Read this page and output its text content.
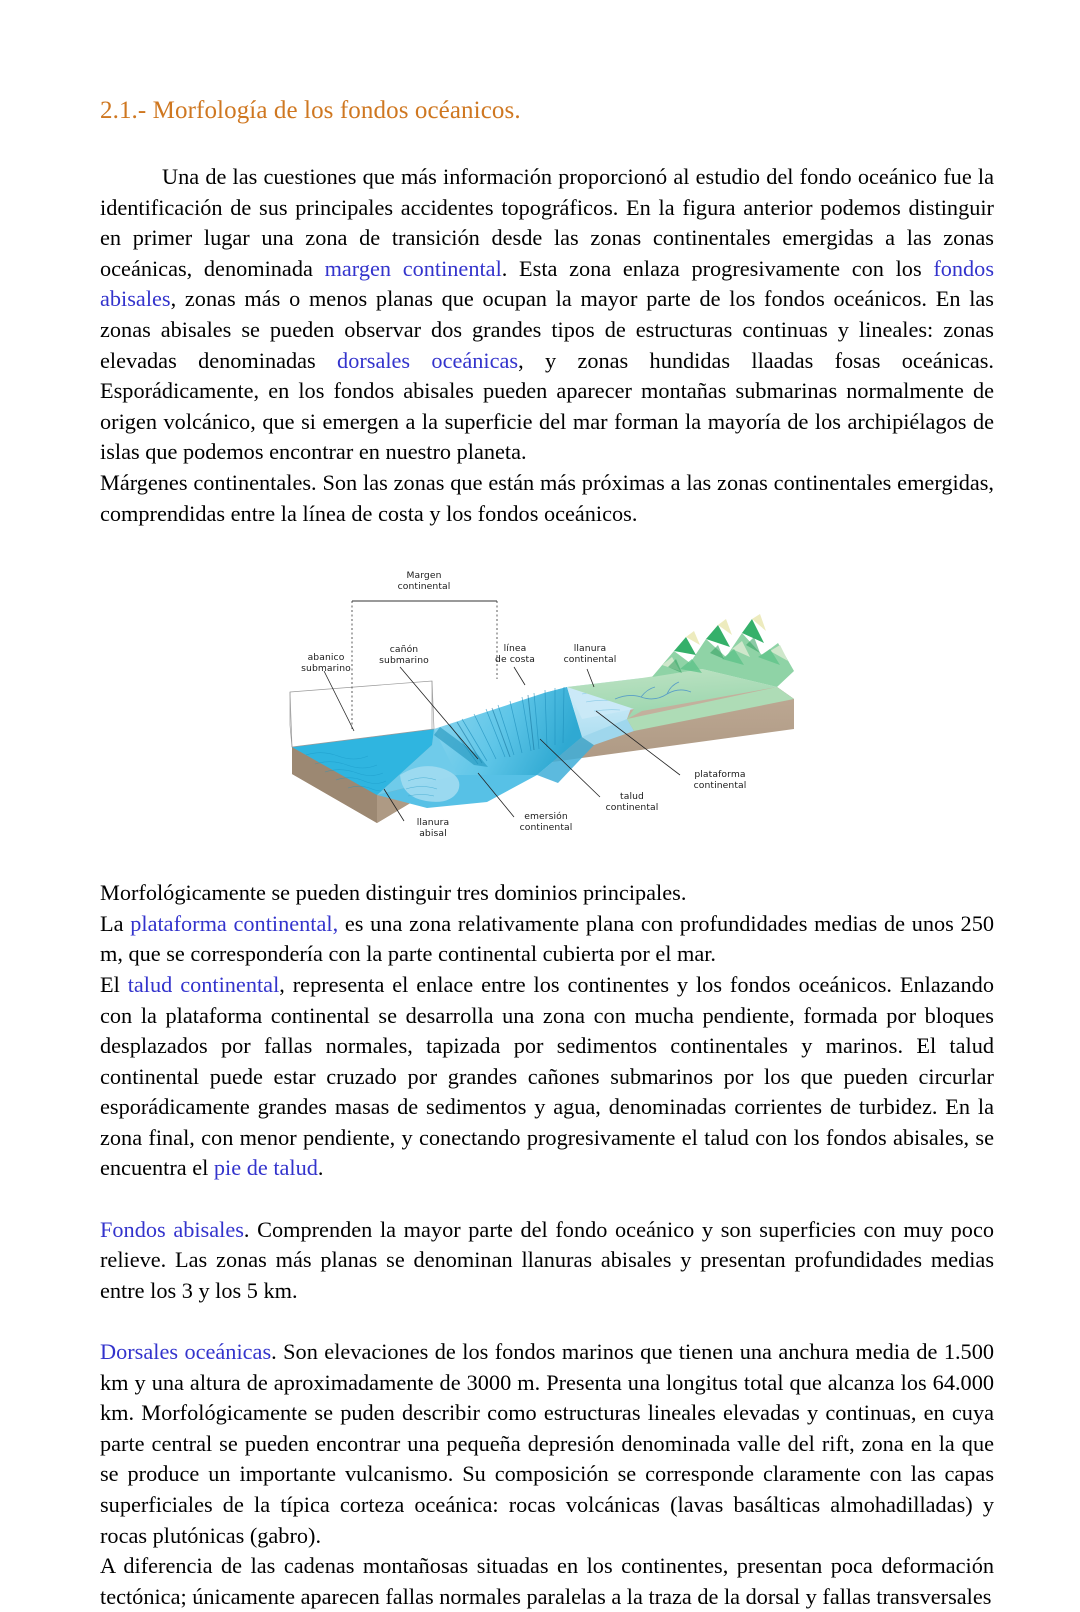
2.1.- Morfología de los fondos océanicos.

Una de las cuestiones que más información proporcionó al estudio del fondo oceánico fue la identificación de sus principales accidentes topográficos. En la figura anterior podemos distinguir en primer lugar una zona de transición desde las zonas continentales emergidas a las zonas oceánicas, denominada margen continental. Esta zona enlaza progresivamente con los fondos abisales, zonas más o menos planas que ocupan la mayor parte de los fondos oceánicos. En las zonas abisales se pueden observar dos grandes tipos de estructuras continuas y lineales: zonas elevadas denominadas dorsales oceánicas, y zonas hundidas llaadas fosas oceánicas. Esporádicamente, en los fondos abisales pueden aparecer montañas submarinas normalmente de origen volcánico, que si emergen a la superficie del mar forman la mayoría de los archipiélagos de islas que podemos encontrar en nuestro planeta.

Márgenes continentales. Son las zonas que están más próximas a las zonas continentales emergidas, comprendidas entre la línea de costa y los fondos oceánicos.

Margen
continental
abanico
submarino
cañón
submarino
línea
de costa
llanura
continental
llanura
abisal
emersión
continental
talud
continental
plataforma
continental

Morfológicamente se pueden distinguir tres dominios principales.

La plataforma continental, es una zona relativamente plana con profundidades medias de unos 250 m, que se correspondería con la parte continental cubierta por el mar.

El talud continental, representa el enlace entre los continentes y los fondos oceánicos. Enlazando con la plataforma continental se desarrolla una zona con mucha pendiente, formada por bloques desplazados por fallas normales, tapizada por sedimentos continentales y marinos. El talud continental puede estar cruzado por grandes cañones submarinos por los que pueden circurlar esporádicamente grandes masas de sedimentos y agua, denominadas corrientes de turbidez. En la zona final, con menor pendiente, y conectando progresivamente el talud con los fondos abisales, se encuentra el pie de talud.

Fondos abisales. Comprenden la mayor parte del fondo oceánico y son superficies con muy poco relieve. Las zonas más planas se denominan llanuras abisales y presentan profundidades medias entre los 3 y los 5 km.

Dorsales oceánicas. Son elevaciones de los fondos marinos que tienen una anchura media de 1.500 km y una altura de aproximadamente de 3000 m. Presenta una longitus total que alcanza los 64.000 km. Morfológicamente se puden describir como estructuras lineales elevadas y continuas, en cuya parte central se pueden encontrar una pequeña depresión denominada valle del rift, zona en la que se produce un importante vulcanismo. Su composición se corresponde claramente con las capas superficiales de la típica corteza oceánica: rocas volcánicas (lavas basálticas almohadilladas) y rocas plutónicas (gabro).

A diferencia de las cadenas montañosas situadas en los continentes, presentan poca deformación tectónica; únicamente aparecen fallas normales paralelas a la traza de la dorsal y fallas transversales
